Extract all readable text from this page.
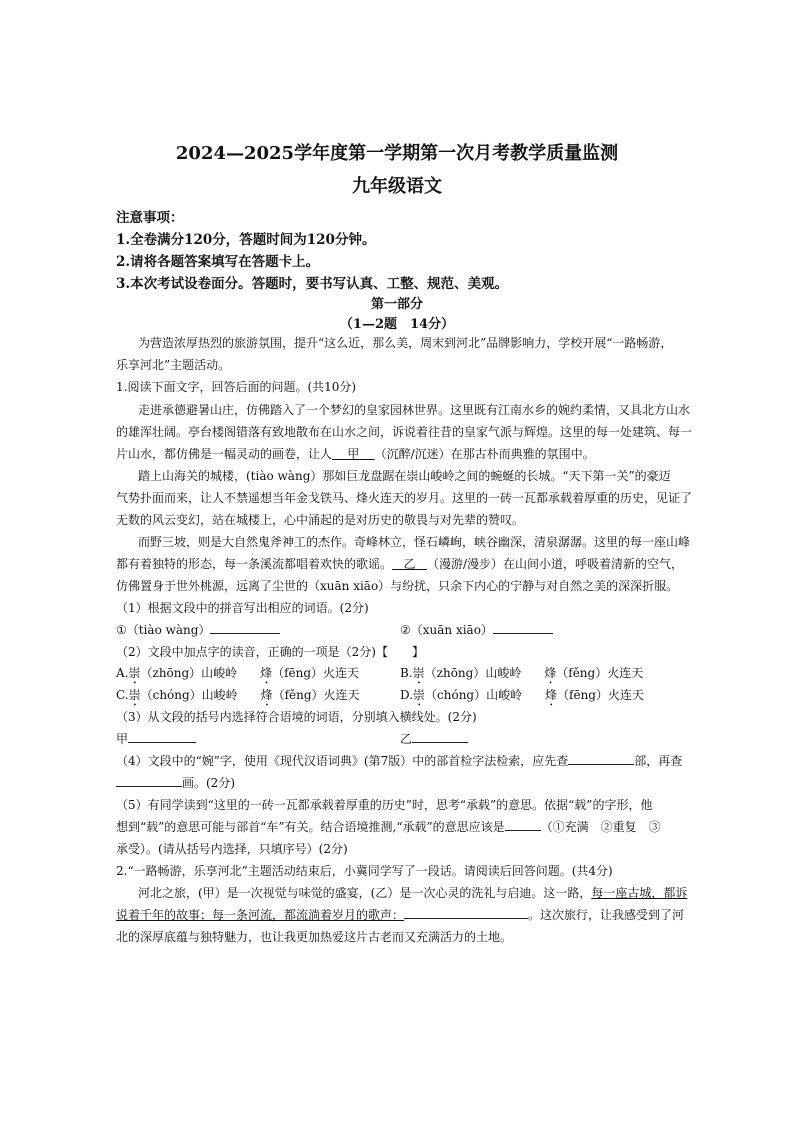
2024—2025学年度第一学期第一次月考教学质量监测
九年级语文
注意事项：
1.全卷满分120分，答题时间为120分钟。
2.请将各题答案填写在答题卡上。
3.本次考试设卷面分。答题时，要书写认真、工整、规范、美观。
第一部分
（1—2题　14分）
为营造浓厚热烈的旅游氛围，提升“这么近，那么美，周末到河北”品牌影响力，学校开展“一路畅游，
乐享河北”主题活动。
1.阅读下面文字，回答后面的问题。(共10分)
走进承德避暑山庄，仿佛踏入了一个梦幻的皇家园林世界。这里既有江南水乡的婉约柔情，又具北方山水
的雄浑壮阔。亭台楼阁错落有致地散布在山水之间，诉说着往昔的皇家气派与辉煌。这里的每一处建筑、每一
片山水，都仿佛是一幅灵动的画卷，让人 甲 （沉醉/沉迷）在那古朴而典雅的氛围中。
踏上山海关的城楼，(tiào wàng）那如巨龙盘踞在崇山峻岭之间的蜿蜒的长城。“天下第一关”的豪迈
气势扑面而来，让人不禁遥想当年金戈铁马、烽火连天的岁月。这里的一砖一瓦都承载着厚重的历史，见证了
无数的风云变幻，站在城楼上，心中涌起的是对历史的敬畏与对先辈的赞叹。
而野三坡，则是大自然鬼斧神工的杰作。奇峰林立，怪石嶙峋，峡谷幽深，清泉潺潺。这里的每一座山峰
都有着独特的形态，每一条溪流都唱着欢快的歌谣。 乙 （漫游/漫步）在山间小道，呼吸着清新的空气，
仿佛置身于世外桃源，远离了尘世的（xuān xiāo）与纷扰，只余下内心的宁静与对自然之美的深深折服。
（1）根据文段中的拼音写出相应的词语。(2分)
①（tiào wàng）	②（xuān xiāo）
（2）文段中加点字的读音，正确的一项是（2分)【　　】
A.崇（zhōng）山峻岭 烽（fēng）火连天	B.崇（zhōng）山峻岭 烽（fěng）火连天
C.崇（chóng）山峻岭 烽（fěng）火连天	D.崇（chóng）山峻岭 烽（fēng）火连天
（3）从文段的括号内选择符合语境的词语，分别填入横线处。(2分)
甲	乙
（4）文段中的“婉”字，使用《现代汉语词典》(第7版）中的部首检字法检索，应先查	部，再查
画。(2分)
（5）有同学读到“这里的一砖一瓦都承载着厚重的历史”时，思考“承载”的意思。依据“载”的字形，他
想到“载”的意思可能与部首“车”有关。结合语境推测,“承载”的意思应该是	（①充满　②重复　③
承受）。(请从括号内选择，只填序号）(2分)
2.“一路畅游，乐享河北”主题活动结束后，小冀同学写了一段话。请阅读后回答问题。(共4分)
河北之旅，(甲）是一次视觉与味觉的盛宴，(乙）是一次心灵的洗礼与启迪。这一路，每一座古城，都诉
说着千年的故事；每一条河流，都流淌着岁月的歌声：	。这次旅行，让我感受到了河
北的深厚底蕴与独特魅力，也让我更加热爱这片古老而又充满活力的土地。
